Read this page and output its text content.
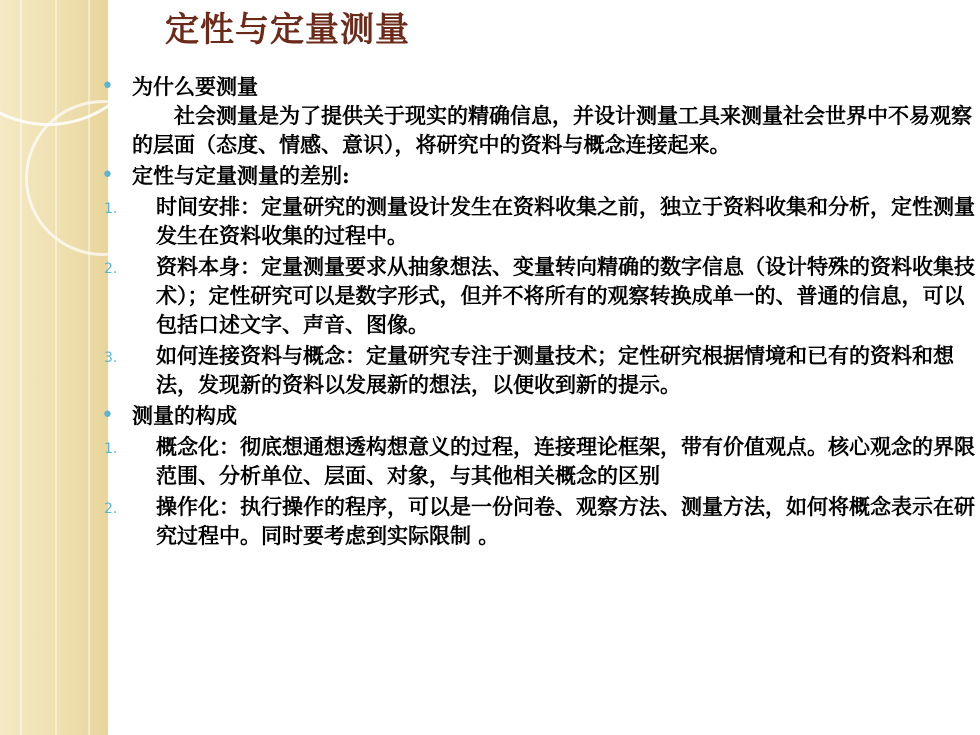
定性与定量测量
• 为什么要测量
社会测量是为了提供关于现实的精确信息，并设计测量工具来测量社会世界中不易观察的层面（态度、情感、意识），将研究中的资料与概念连接起来。
• 定性与定量测量的差别:
1. 时间安排：定量研究的测量设计发生在资料收集之前，独立于资料收集和分析，定性测量发生在资料收集的过程中。
2. 资料本身：定量测量要求从抽象想法、变量转向精确的数字信息（设计特殊的资料收集技术）；定性研究可以是数字形式，但并不将所有的观察转换成单一的、普通的信息，可以包括口述文字、声音、图像。
3. 如何连接资料与概念：定量研究专注于测量技术；定性研究根据情境和已有的资料和想法，发现新的资料以发展新的想法，以便收到新的提示。
• 测量的构成
1. 概念化：彻底想通想透构想意义的过程，连接理论框架，带有价值观点。核心观念的界限范围、分析单位、层面、对象，与其他相关概念的区别
2. 操作化：执行操作的程序，可以是一份问卷、观察方法、测量方法，如何将概念表示在研究过程中。同时要考虑到实际限制 。
